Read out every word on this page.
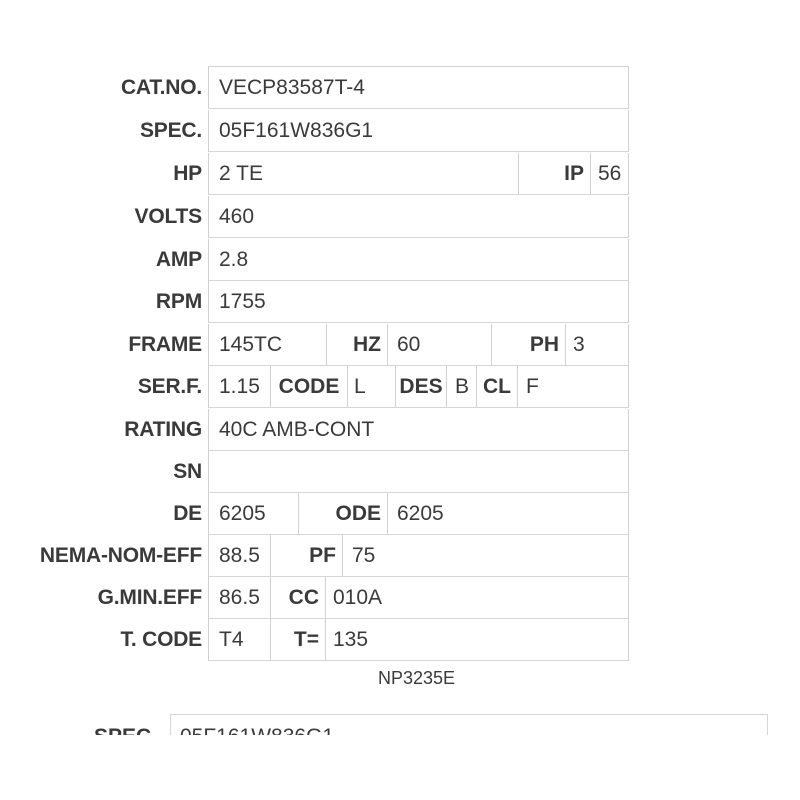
CAT.NO. VECP83587T-4
SPEC. 05F161W836G1
HP 2 TE	IP 56
VOLTS 460
AMP 2.8
RPM 1755
FRAME 145TC	HZ 60	PH 3
SER.F. 1.15 CODE L	DES B CL F
RATING 40C AMB-CONT
SN
DE 6205	ODE 6205
NEMA-NOM-EFF 88.5	PF 75
G.MIN.EFF 86.5	CC 010A
T. CODE T4	T= 135
NP3235E
